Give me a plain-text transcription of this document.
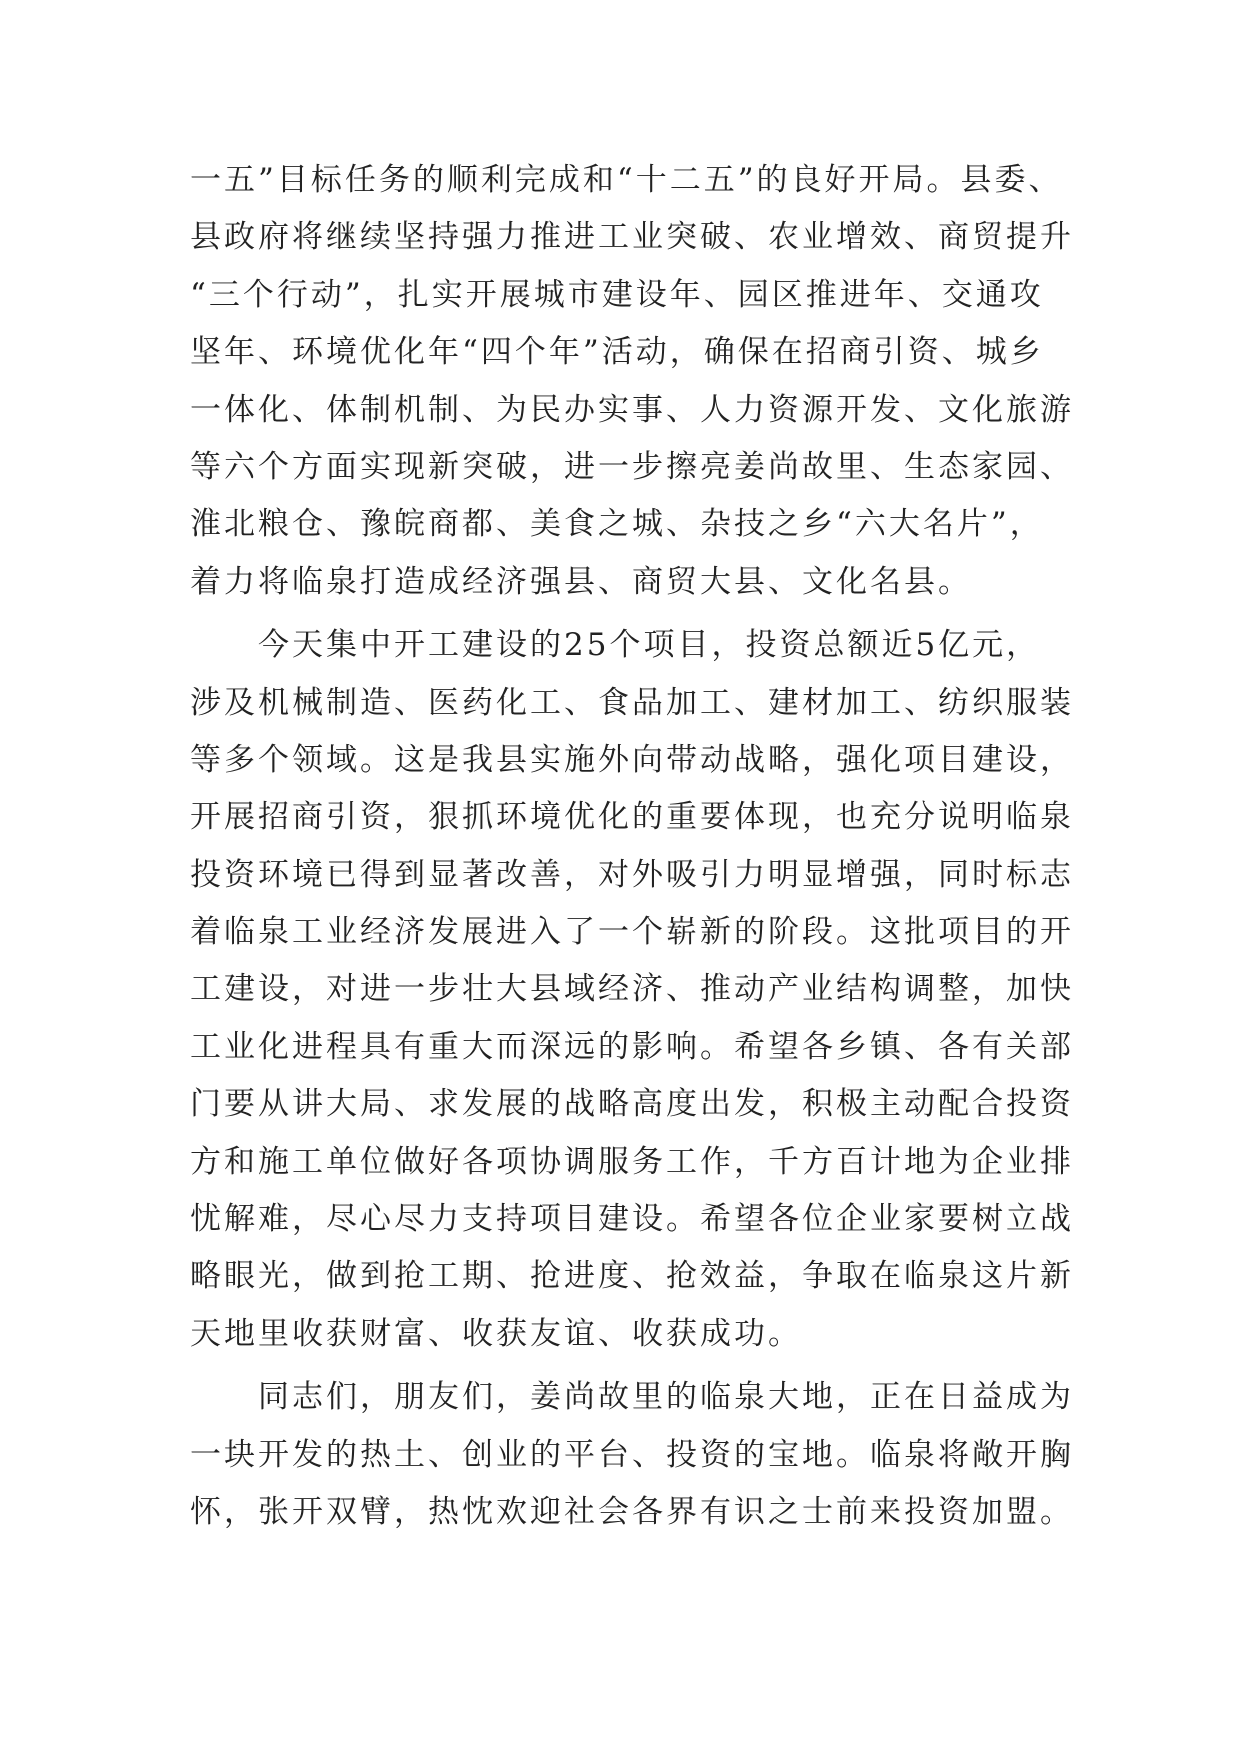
一五”目标任务的顺利完成和“十二五”的良好开局。县委、
县政府将继续坚持强力推进工业突破、农业增效、商贸提升
“三个行动”，扎实开展城市建设年、园区推进年、交通攻
坚年、环境优化年“四个年”活动，确保在招商引资、城乡
一体化、体制机制、为民办实事、人力资源开发、文化旅游
等六个方面实现新突破，进一步擦亮姜尚故里、生态家园、
淮北粮仓、豫皖商都、美食之城、杂技之乡“六大名片”，
着力将临泉打造成经济强县、商贸大县、文化名县。
　　今天集中开工建设的25个项目，投资总额近5亿元，
涉及机械制造、医药化工、食品加工、建材加工、纺织服装
等多个领域。这是我县实施外向带动战略，强化项目建设，
开展招商引资，狠抓环境优化的重要体现，也充分说明临泉
投资环境已得到显著改善，对外吸引力明显增强，同时标志
着临泉工业经济发展进入了一个崭新的阶段。这批项目的开
工建设，对进一步壮大县域经济、推动产业结构调整，加快
工业化进程具有重大而深远的影响。希望各乡镇、各有关部
门要从讲大局、求发展的战略高度出发，积极主动配合投资
方和施工单位做好各项协调服务工作，千方百计地为企业排
忧解难，尽心尽力支持项目建设。希望各位企业家要树立战
略眼光，做到抢工期、抢进度、抢效益，争取在临泉这片新
天地里收获财富、收获友谊、收获成功。
　　同志们，朋友们，姜尚故里的临泉大地，正在日益成为
一块开发的热土、创业的平台、投资的宝地。临泉将敞开胸
怀，张开双臂，热忱欢迎社会各界有识之士前来投资加盟。
